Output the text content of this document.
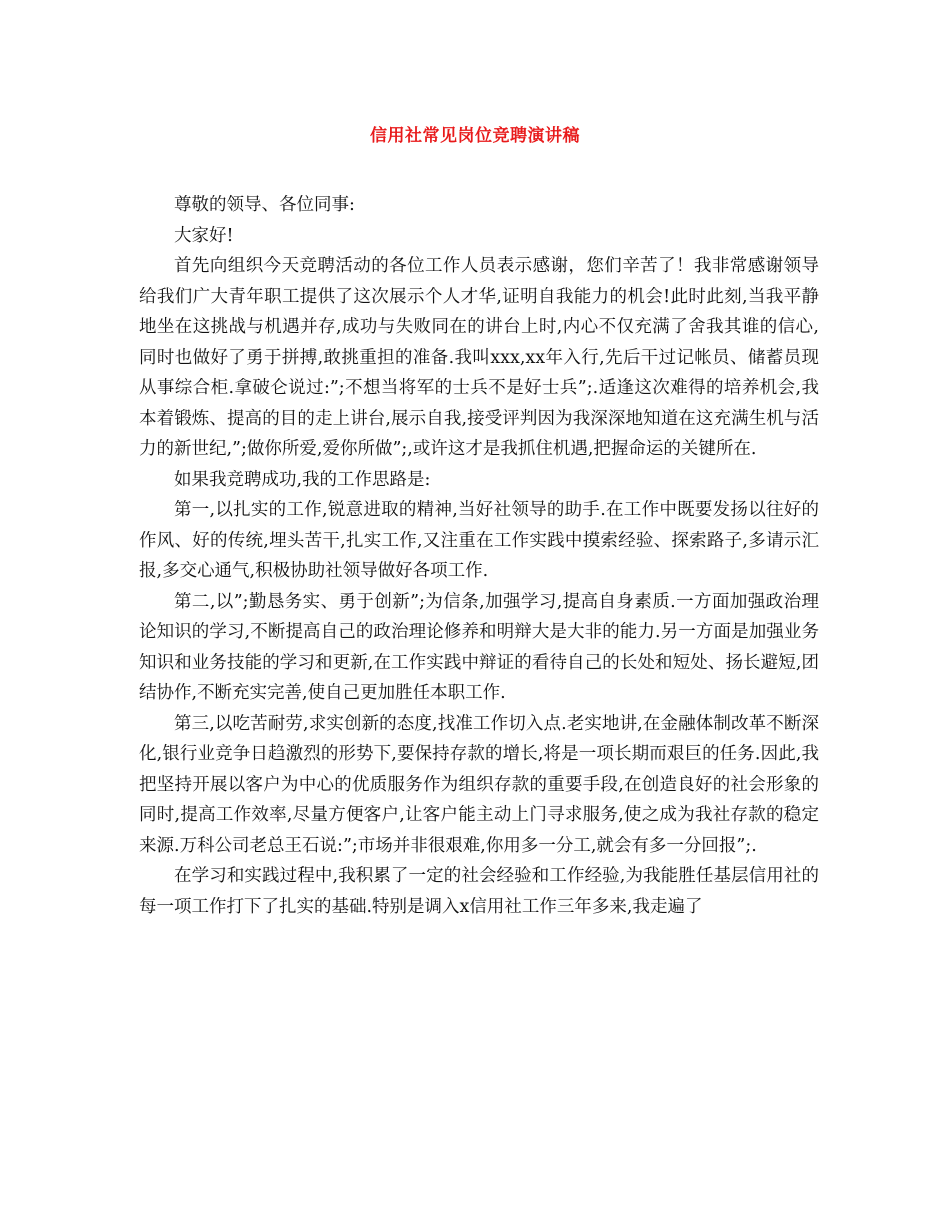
信用社常见岗位竞聘演讲稿

尊敬的领导、各位同事:

大家好!

首先向组织今天竞聘活动的各位工作人员表示感谢，您们辛苦了！我非常感谢领导给我们广大青年职工提供了这次展示个人才华,证明自我能力的机会!此时此刻,当我平静地坐在这挑战与机遇并存,成功与失败同在的讲台上时,内心不仅充满了舍我其谁的信心,同时也做好了勇于拼搏,敢挑重担的准备.我叫xxx,xx年入行,先后干过记帐员、储蓄员现从事综合柜.拿破仑说过:”;不想当将军的士兵不是好士兵”;.适逢这次难得的培养机会,我本着锻炼、提高的目的走上讲台,展示自我,接受评判因为我深深地知道在这充满生机与活力的新世纪,”;做你所爱,爱你所做”;,或许这才是我抓住机遇,把握命运的关键所在.

如果我竞聘成功,我的工作思路是:

第一,以扎实的工作,锐意进取的精神,当好社领导的助手.在工作中既要发扬以往好的作风、好的传统,埋头苦干,扎实工作,又注重在工作实践中摸索经验、探索路子,多请示汇报,多交心通气,积极协助社领导做好各项工作.

第二,以”;勤恳务实、勇于创新”;为信条,加强学习,提高自身素质.一方面加强政治理论知识的学习,不断提高自己的政治理论修养和明辩大是大非的能力.另一方面是加强业务知识和业务技能的学习和更新,在工作实践中辩证的看待自己的长处和短处、扬长避短,团结协作,不断充实完善,使自己更加胜任本职工作.

第三,以吃苦耐劳,求实创新的态度,找准工作切入点.老实地讲,在金融体制改革不断深化,银行业竞争日趋激烈的形势下,要保持存款的增长,将是一项长期而艰巨的任务.因此,我把坚持开展以客户为中心的优质服务作为组织存款的重要手段,在创造良好的社会形象的同时,提高工作效率,尽量方便客户,让客户能主动上门寻求服务,使之成为我社存款的稳定来源.万科公司老总王石说:”;市场并非很艰难,你用多一分工,就会有多一分回报”;.

在学习和实践过程中,我积累了一定的社会经验和工作经验,为我能胜任基层信用社的每一项工作打下了扎实的基础.特别是调入x信用社工作三年多来,我走遍了
